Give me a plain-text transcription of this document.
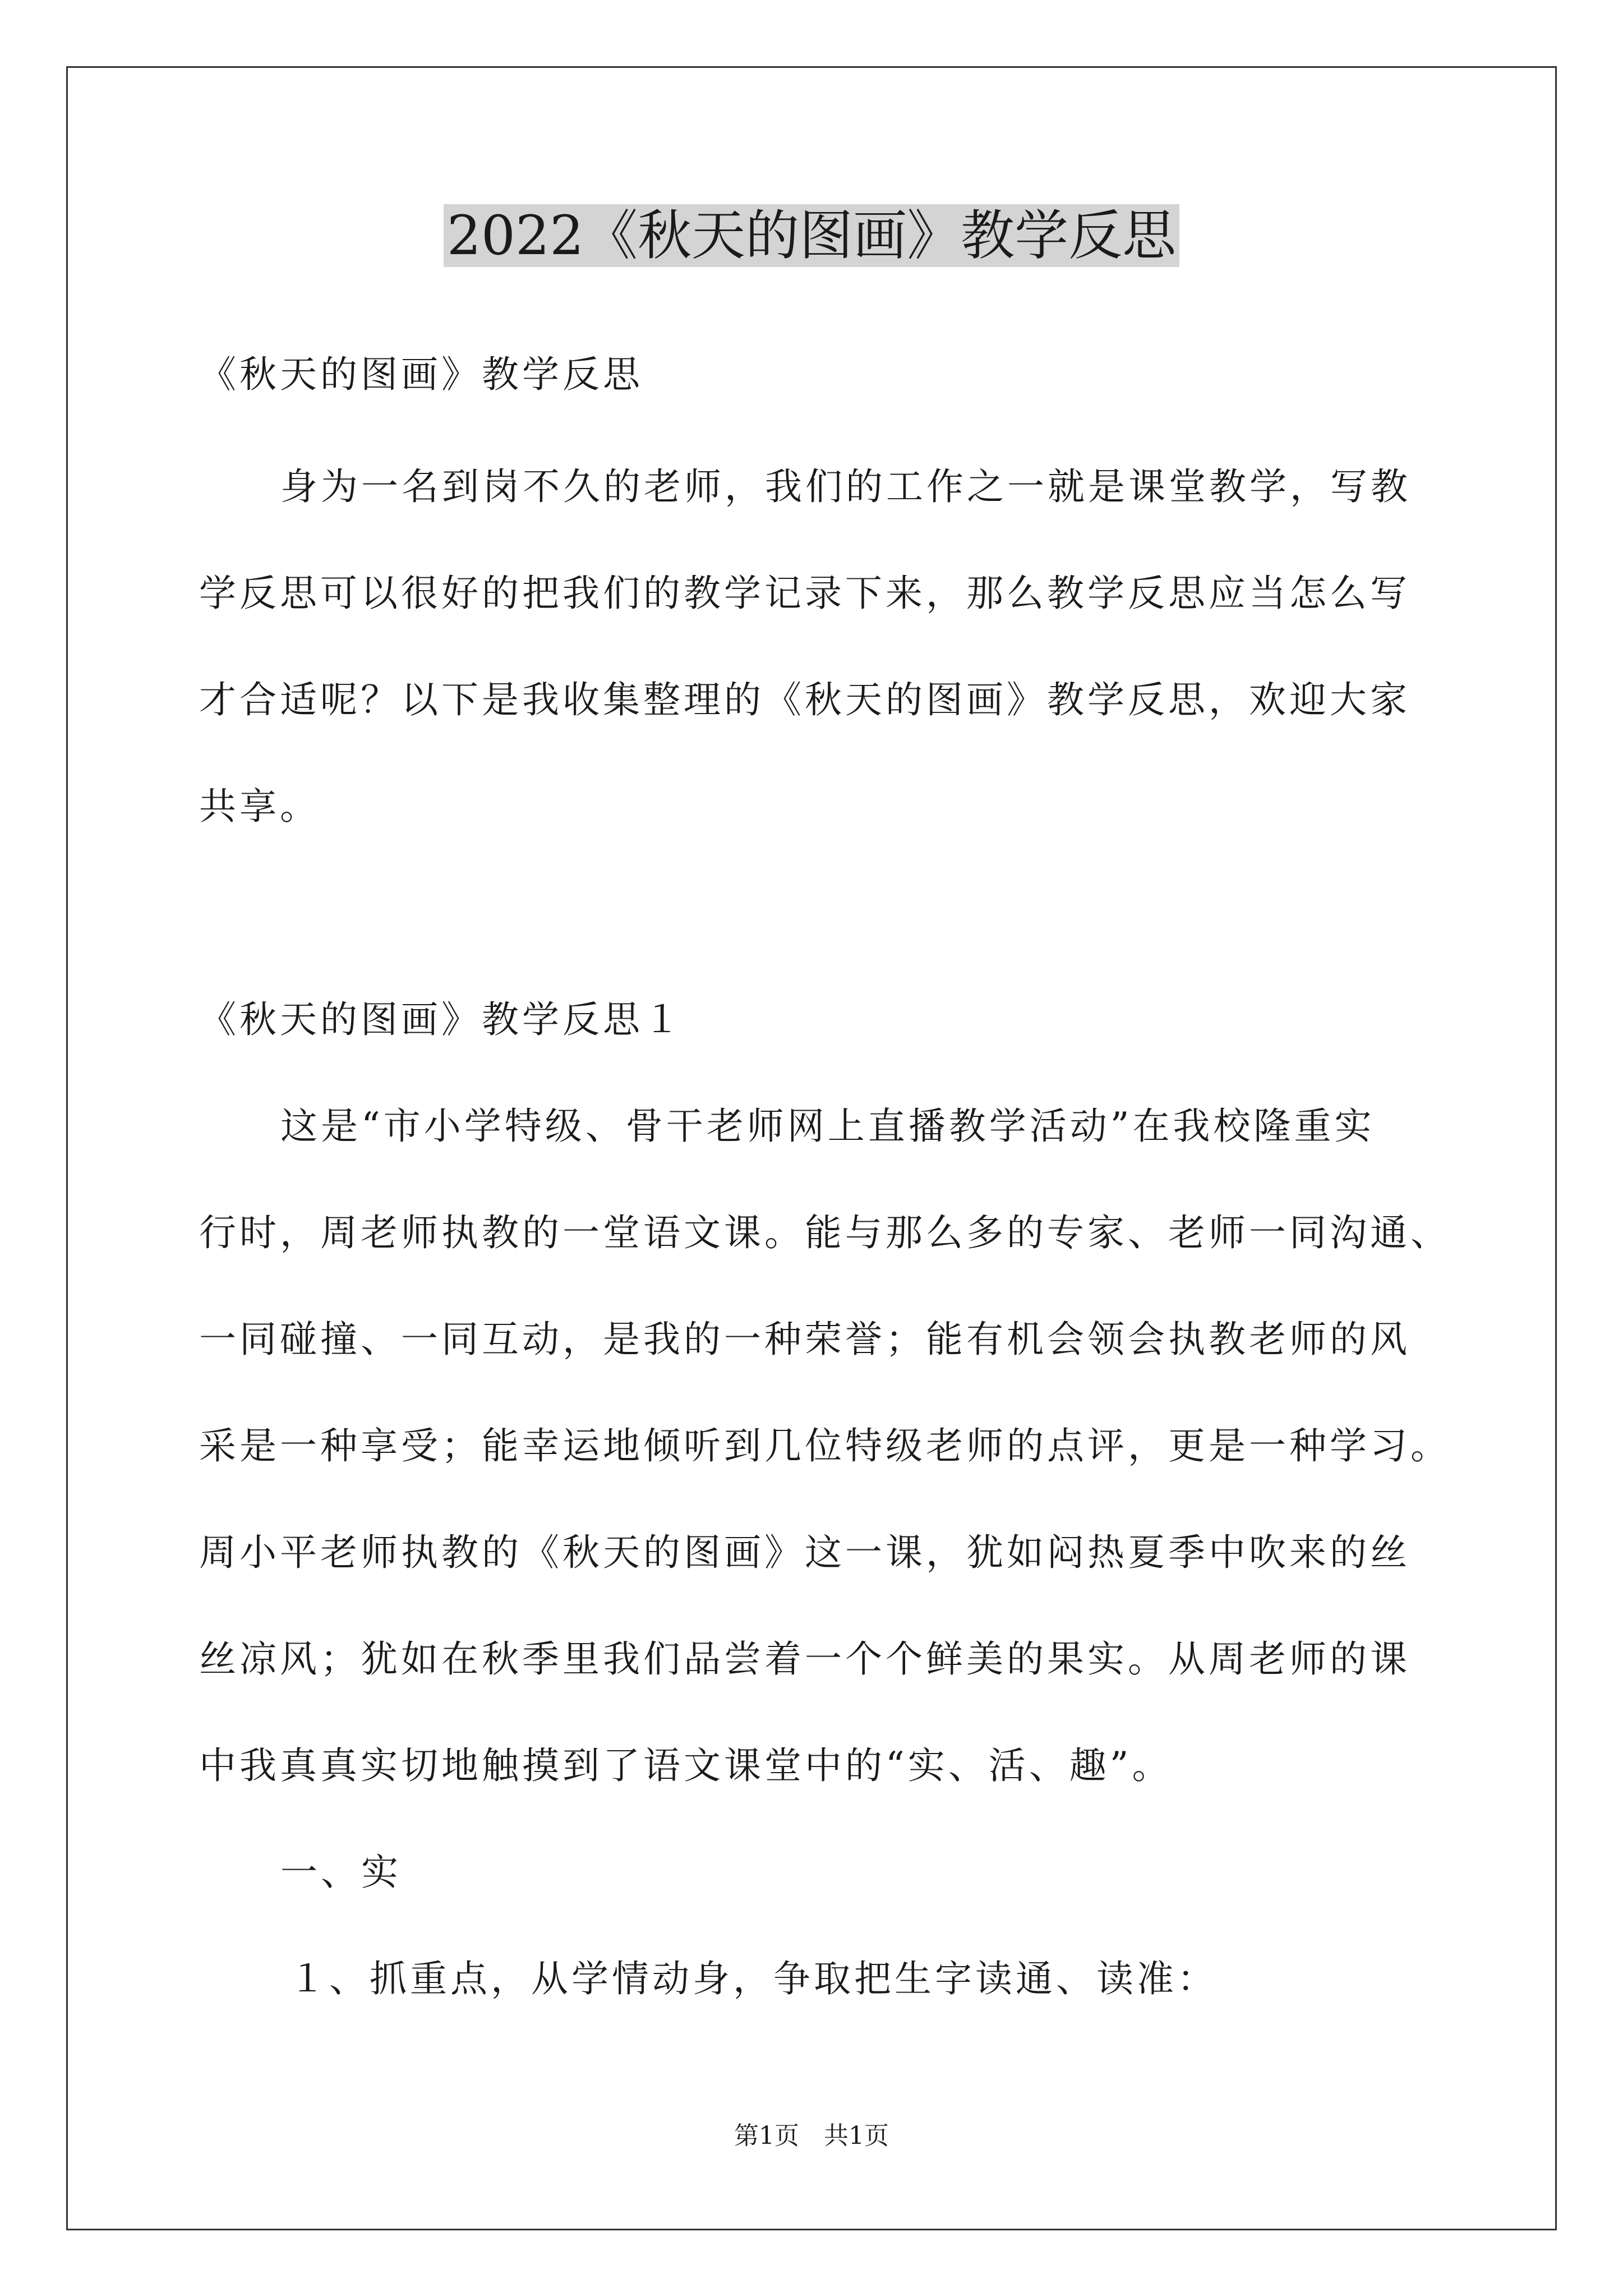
2022《秋天的图画》教学反思
《秋天的图画》教学反思
身为一名到岗不久的老师，我们的工作之一就是课堂教学，写教
学反思可以很好的把我们的教学记录下来，那么教学反思应当怎么写
才合适呢？以下是我收集整理的《秋天的图画》教学反思，欢迎大家
共享。
《秋天的图画》教学反思１
这是“市小学特级、骨干老师网上直播教学活动”在我校隆重实
行时，周老师执教的一堂语文课。能与那么多的专家、老师一同沟通、
一同碰撞、一同互动，是我的一种荣誉；能有机会领会执教老师的风
采是一种享受；能幸运地倾听到几位特级老师的点评，更是一种学习。
周小平老师执教的《秋天的图画》这一课，犹如闷热夏季中吹来的丝
丝凉风；犹如在秋季里我们品尝着一个个鲜美的果实。从周老师的课
中我真真实切地触摸到了语文课堂中的“实、活、趣”。
一、实
１、抓重点，从学情动身，争取把生字读通、读准：
第1页　共1页
